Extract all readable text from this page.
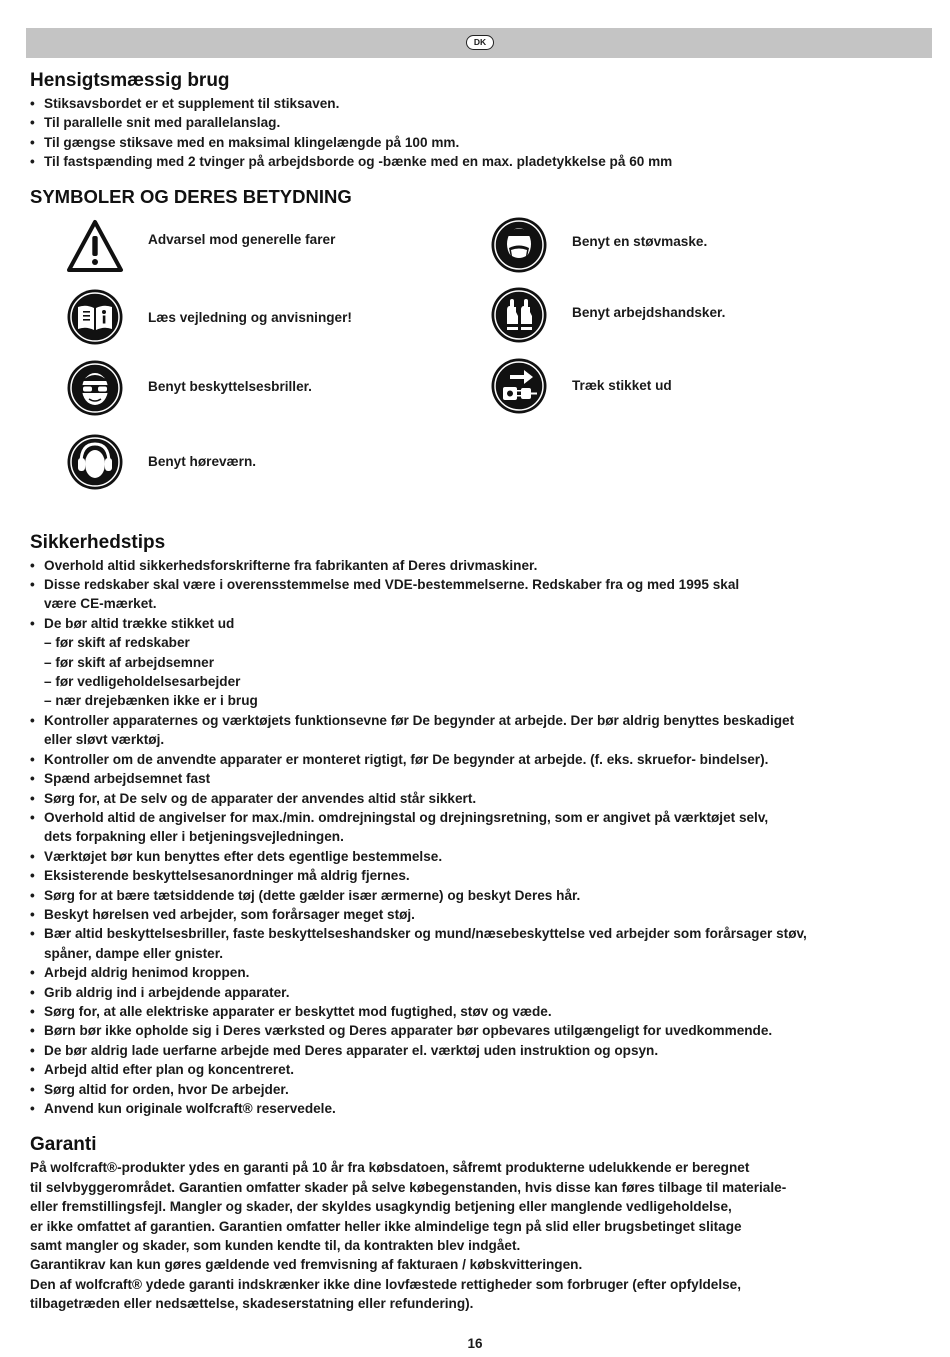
DK
Hensigtsmæssig brug
• Stiksavsbordet er et supplement til stiksaven.
• Til parallelle snit med parallelanslag.
• Til gængse stiksave med en maksimal klingelængde på 100 mm.
• Til fastspænding med 2 tvinger på arbejdsborde og -bænke med en max. pladetykkelse på 60 mm
SYMBOLER OG DERES BETYDNING
Advarsel mod generelle farer
Læs vejledning og anvisninger!
Benyt beskyttelsesbriller.
Benyt høreværn.
Benyt en støvmaske.
Benyt arbejdshandsker.
Træk stikket ud
Sikkerhedstips
• Overhold altid sikkerhedsforskrifterne fra fabrikanten af Deres drivmaskiner.
• Disse redskaber skal være i overensstemmelse med VDE-bestemmelserne. Redskaber fra og med 1995 skal
være CE-mærket.
• De bør altid trække stikket ud
– før skift af redskaber
– før skift af arbejdsemner
– før vedligeholdelsesarbejder
– nær drejebænken ikke er i brug
• Kontroller apparaternes og værktøjets funktionsevne før De begynder at arbejde. Der bør aldrig benyttes beskadiget
eller sløvt værktøj.
• Kontroller om de anvendte apparater er monteret rigtigt, før De begynder at arbejde. (f. eks. skruefor- bindelser).
• Spænd arbejdsemnet fast
• Sørg for, at De selv og de apparater der anvendes altid står sikkert.
• Overhold altid de angivelser for max./min. omdrejningstal og drejningsretning, som er angivet på værktøjet selv,
dets forpakning eller i betjeningsvejledningen.
• Værktøjet bør kun benyttes efter dets egentlige bestemmelse.
• Eksisterende beskyttelsesanordninger må aldrig fjernes.
• Sørg for at bære tætsiddende tøj (dette gælder især ærmerne) og beskyt Deres hår.
• Beskyt hørelsen ved arbejder, som forårsager meget støj.
• Bær altid beskyttelsesbriller, faste beskyttelseshandsker og mund/næsebeskyttelse ved arbejder som forårsager støv,
spåner, dampe eller gnister.
• Arbejd aldrig henimod kroppen.
• Grib aldrig ind i arbejdende apparater.
• Sørg for, at alle elektriske apparater er beskyttet mod fugtighed, støv og væde.
• Børn bør ikke opholde sig i Deres værksted og Deres apparater bør opbevares utilgængeligt for uvedkommende.
• De bør aldrig lade uerfarne arbejde med Deres apparater el. værktøj uden instruktion og opsyn.
• Arbejd altid efter plan og koncentreret.
• Sørg altid for orden, hvor De arbejder.
• Anvend kun originale wolfcraft® reservedele.
Garanti

På wolfcraft®-produkter ydes en garanti på 10 år fra købsdatoen, såfremt produkterne udelukkende er beregnet

til selvbyggerområdet. Garantien omfatter skader på selve købegenstanden, hvis disse kan føres tilbage til materiale-

eller fremstillingsfejl. Mangler og skader, der skyldes usagkyndig betjening eller manglende vedligeholdelse,

er ikke omfattet af garantien. Garantien omfatter heller ikke almindelige tegn på slid eller brugsbetinget slitage

samt mangler og skader, som kunden kendte til, da kontrakten blev indgået.

Garantikrav kan kun gøres gældende ved fremvisning af fakturaen / købskvitteringen.

Den af wolfcraft® ydede garanti indskrænker ikke dine lovfæstede rettigheder som forbruger (efter opfyldelse,

tilbagetræden eller nedsættelse, skadeserstatning eller refundering).

16
